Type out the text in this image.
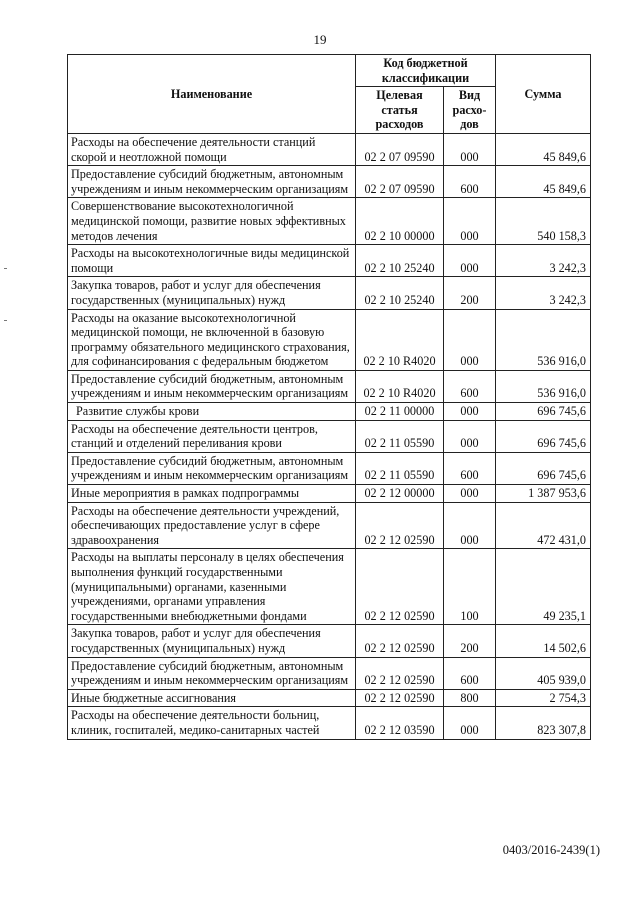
19
Наименование	Код бюджетной классификации		Сумма
	Целевая статья расходов	Вид расхо-дов	
Расходы на обеспечение деятельности станций скорой и неотложной помощи	02 2 07 09590	000	45 849,6
Предоставление субсидий бюджетным, автономным учреждениям и иным некоммерческим организациям	02 2 07 09590	600	45 849,6
Совершенствование высокотехнологичной медицинской помощи, развитие новых эффективных методов лечения	02 2 10 00000	000	540 158,3
Расходы на высокотехнологичные виды медицинской помощи	02 2 10 25240	000	3 242,3
Закупка товаров, работ и услуг для обеспечения государственных (муниципальных) нужд	02 2 10 25240	200	3 242,3
Расходы на оказание высокотехнологичной медицинской помощи, не включенной в базовую программу обязательного медицинского страхования, для софинансирования с федеральным бюджетом	02 2 10 R4020	000	536 916,0
Предоставление субсидий бюджетным, автономным учреждениям и иным некоммерческим организациям	02 2 10 R4020	600	536 916,0
Развитие службы крови	02 2 11 00000	000	696 745,6
Расходы на обеспечение деятельности центров, станций и отделений переливания крови	02 2 11 05590	000	696 745,6
Предоставление субсидий бюджетным, автономным учреждениям и иным некоммерческим организациям	02 2 11 05590	600	696 745,6
Иные мероприятия в рамках подпрограммы	02 2 12 00000	000	1 387 953,6
Расходы на обеспечение деятельности учреждений, обеспечивающих предоставление услуг в сфере здравоохранения	02 2 12 02590	000	472 431,0
Расходы на выплаты персоналу в целях обеспечения выполнения функций государственными (муниципальными) органами, казенными учреждениями, органами управления государственными внебюджетными фондами	02 2 12 02590	100	49 235,1
Закупка товаров, работ и услуг для обеспечения государственных (муниципальных) нужд	02 2 12 02590	200	14 502,6
Предоставление субсидий бюджетным, автономным учреждениям и иным некоммерческим организациям	02 2 12 02590	600	405 939,0
Иные бюджетные ассигнования	02 2 12 02590	800	2 754,3
Расходы на обеспечение деятельности больниц, клиник, госпиталей, медико-санитарных частей	02 2 12 03590	000	823 307,8
0403/2016-2439(1)
